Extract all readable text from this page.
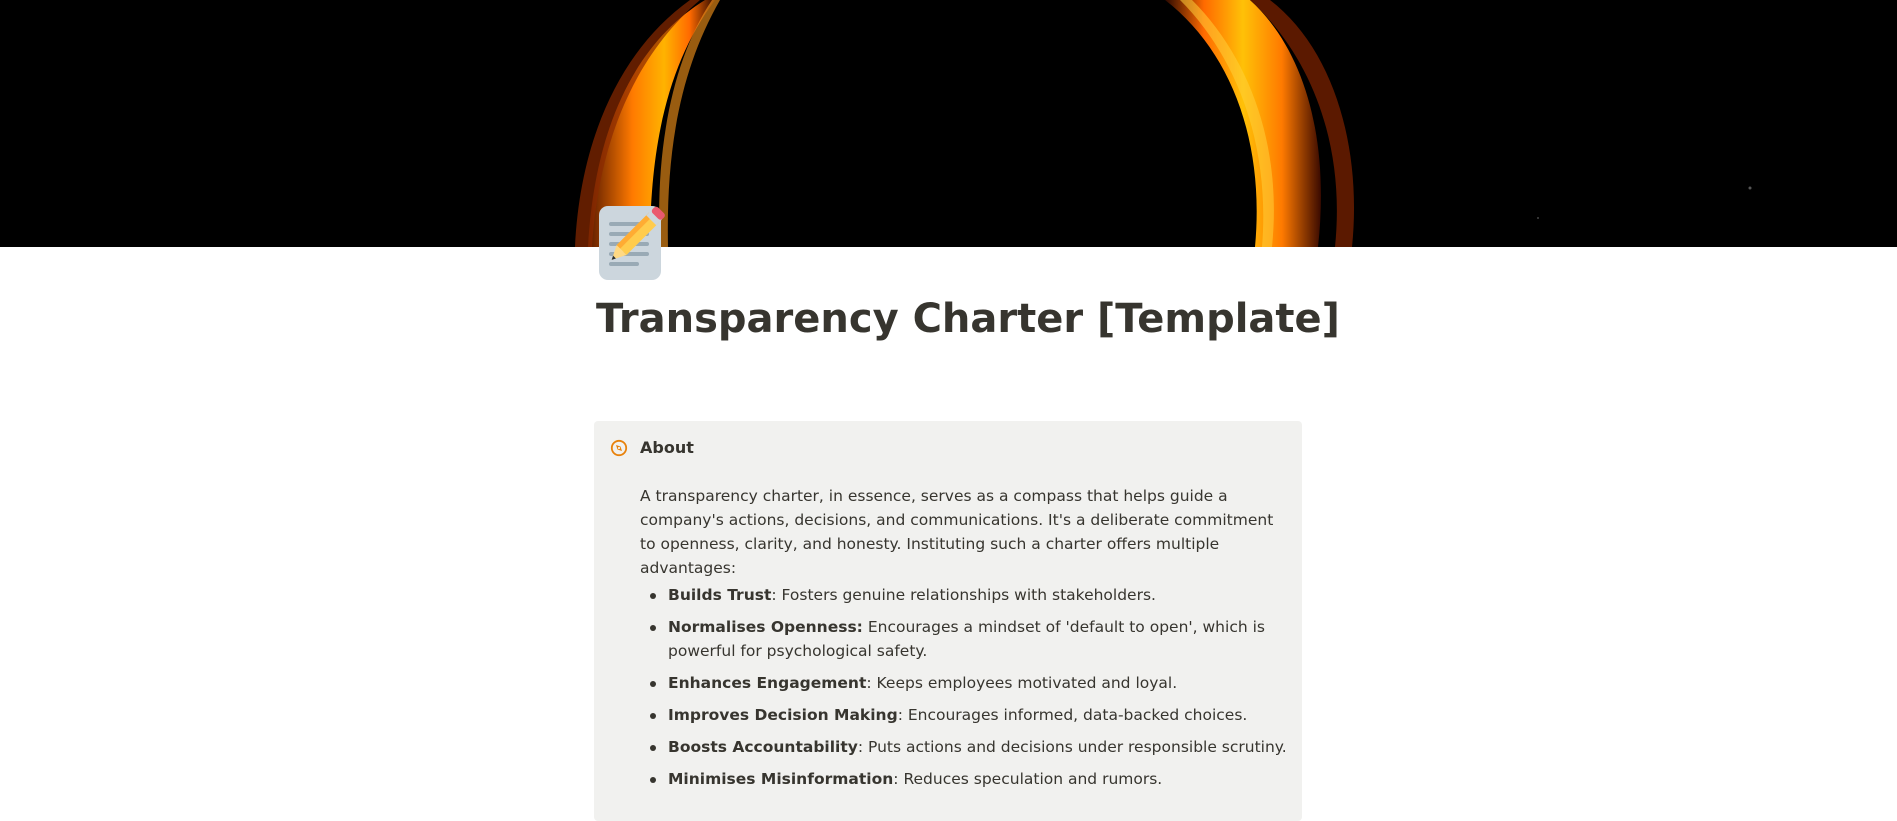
Transparency Charter [Template]
About

A transparency charter, in essence, serves as a compass that helps guide a company's actions, decisions, and communications. It's a deliberate commitment to openness, clarity, and honesty. Instituting such a charter offers multiple advantages:

Builds Trust: Fosters genuine relationships with stakeholders.
Normalises Openness: Encourages a mindset of 'default to open', which is powerful for psychological safety.
Enhances Engagement: Keeps employees motivated and loyal.
Improves Decision Making: Encourages informed, data-backed choices.
Boosts Accountability: Puts actions and decisions under responsible scrutiny.
Minimises Misinformation: Reduces speculation and rumors.
